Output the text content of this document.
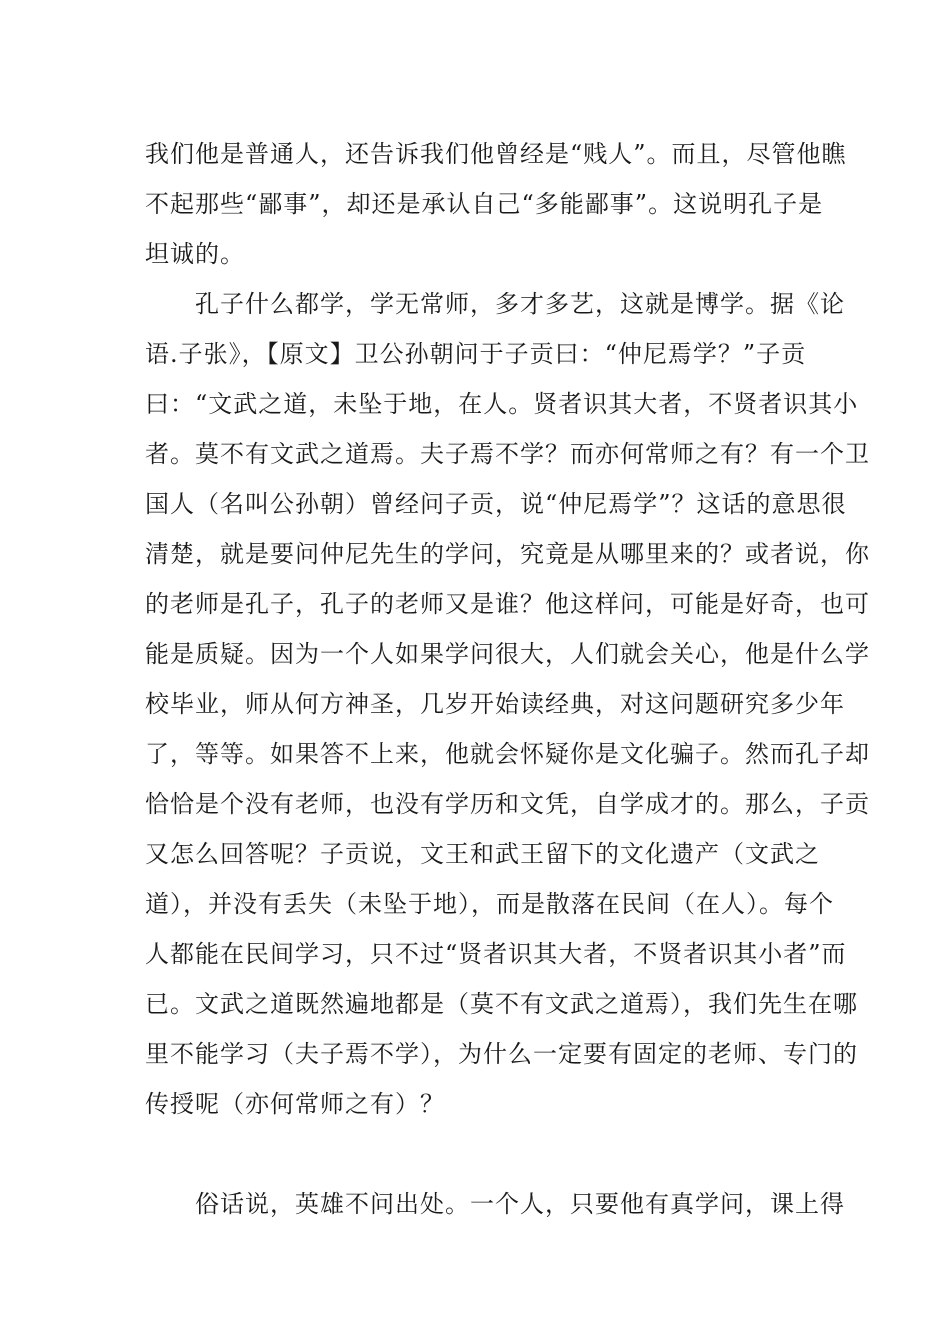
我们他是普通人，还告诉我们他曾经是“贱人”。而且，尽管他瞧
不起那些“鄙事”，却还是承认自己“多能鄙事”。这说明孔子是
坦诚的。
孔子什么都学，学无常师，多才多艺，这就是博学。据《论
语.子张》，【原文】卫公孙朝问于子贡曰：“仲尼焉学？”子贡
曰：“文武之道，未坠于地，在人。贤者识其大者，不贤者识其小
者。莫不有文武之道焉。夫子焉不学？而亦何常师之有？有一个卫
国人（名叫公孙朝）曾经问子贡，说“仲尼焉学”？这话的意思很
清楚，就是要问仲尼先生的学问，究竟是从哪里来的？或者说，你
的老师是孔子，孔子的老师又是谁？他这样问，可能是好奇，也可
能是质疑。因为一个人如果学问很大，人们就会关心，他是什么学
校毕业，师从何方神圣，几岁开始读经典，对这问题研究多少年
了，等等。如果答不上来，他就会怀疑你是文化骗子。然而孔子却
恰恰是个没有老师，也没有学历和文凭，自学成才的。那么，子贡
又怎么回答呢？子贡说，文王和武王留下的文化遗产（文武之
道），并没有丢失（未坠于地），而是散落在民间（在人）。每个
人都能在民间学习，只不过“贤者识其大者，不贤者识其小者”而
已。文武之道既然遍地都是（莫不有文武之道焉），我们先生在哪
里不能学习（夫子焉不学），为什么一定要有固定的老师、专门的
传授呢（亦何常师之有）？
俗话说，英雄不问出处。一个人，只要他有真学问，课上得
